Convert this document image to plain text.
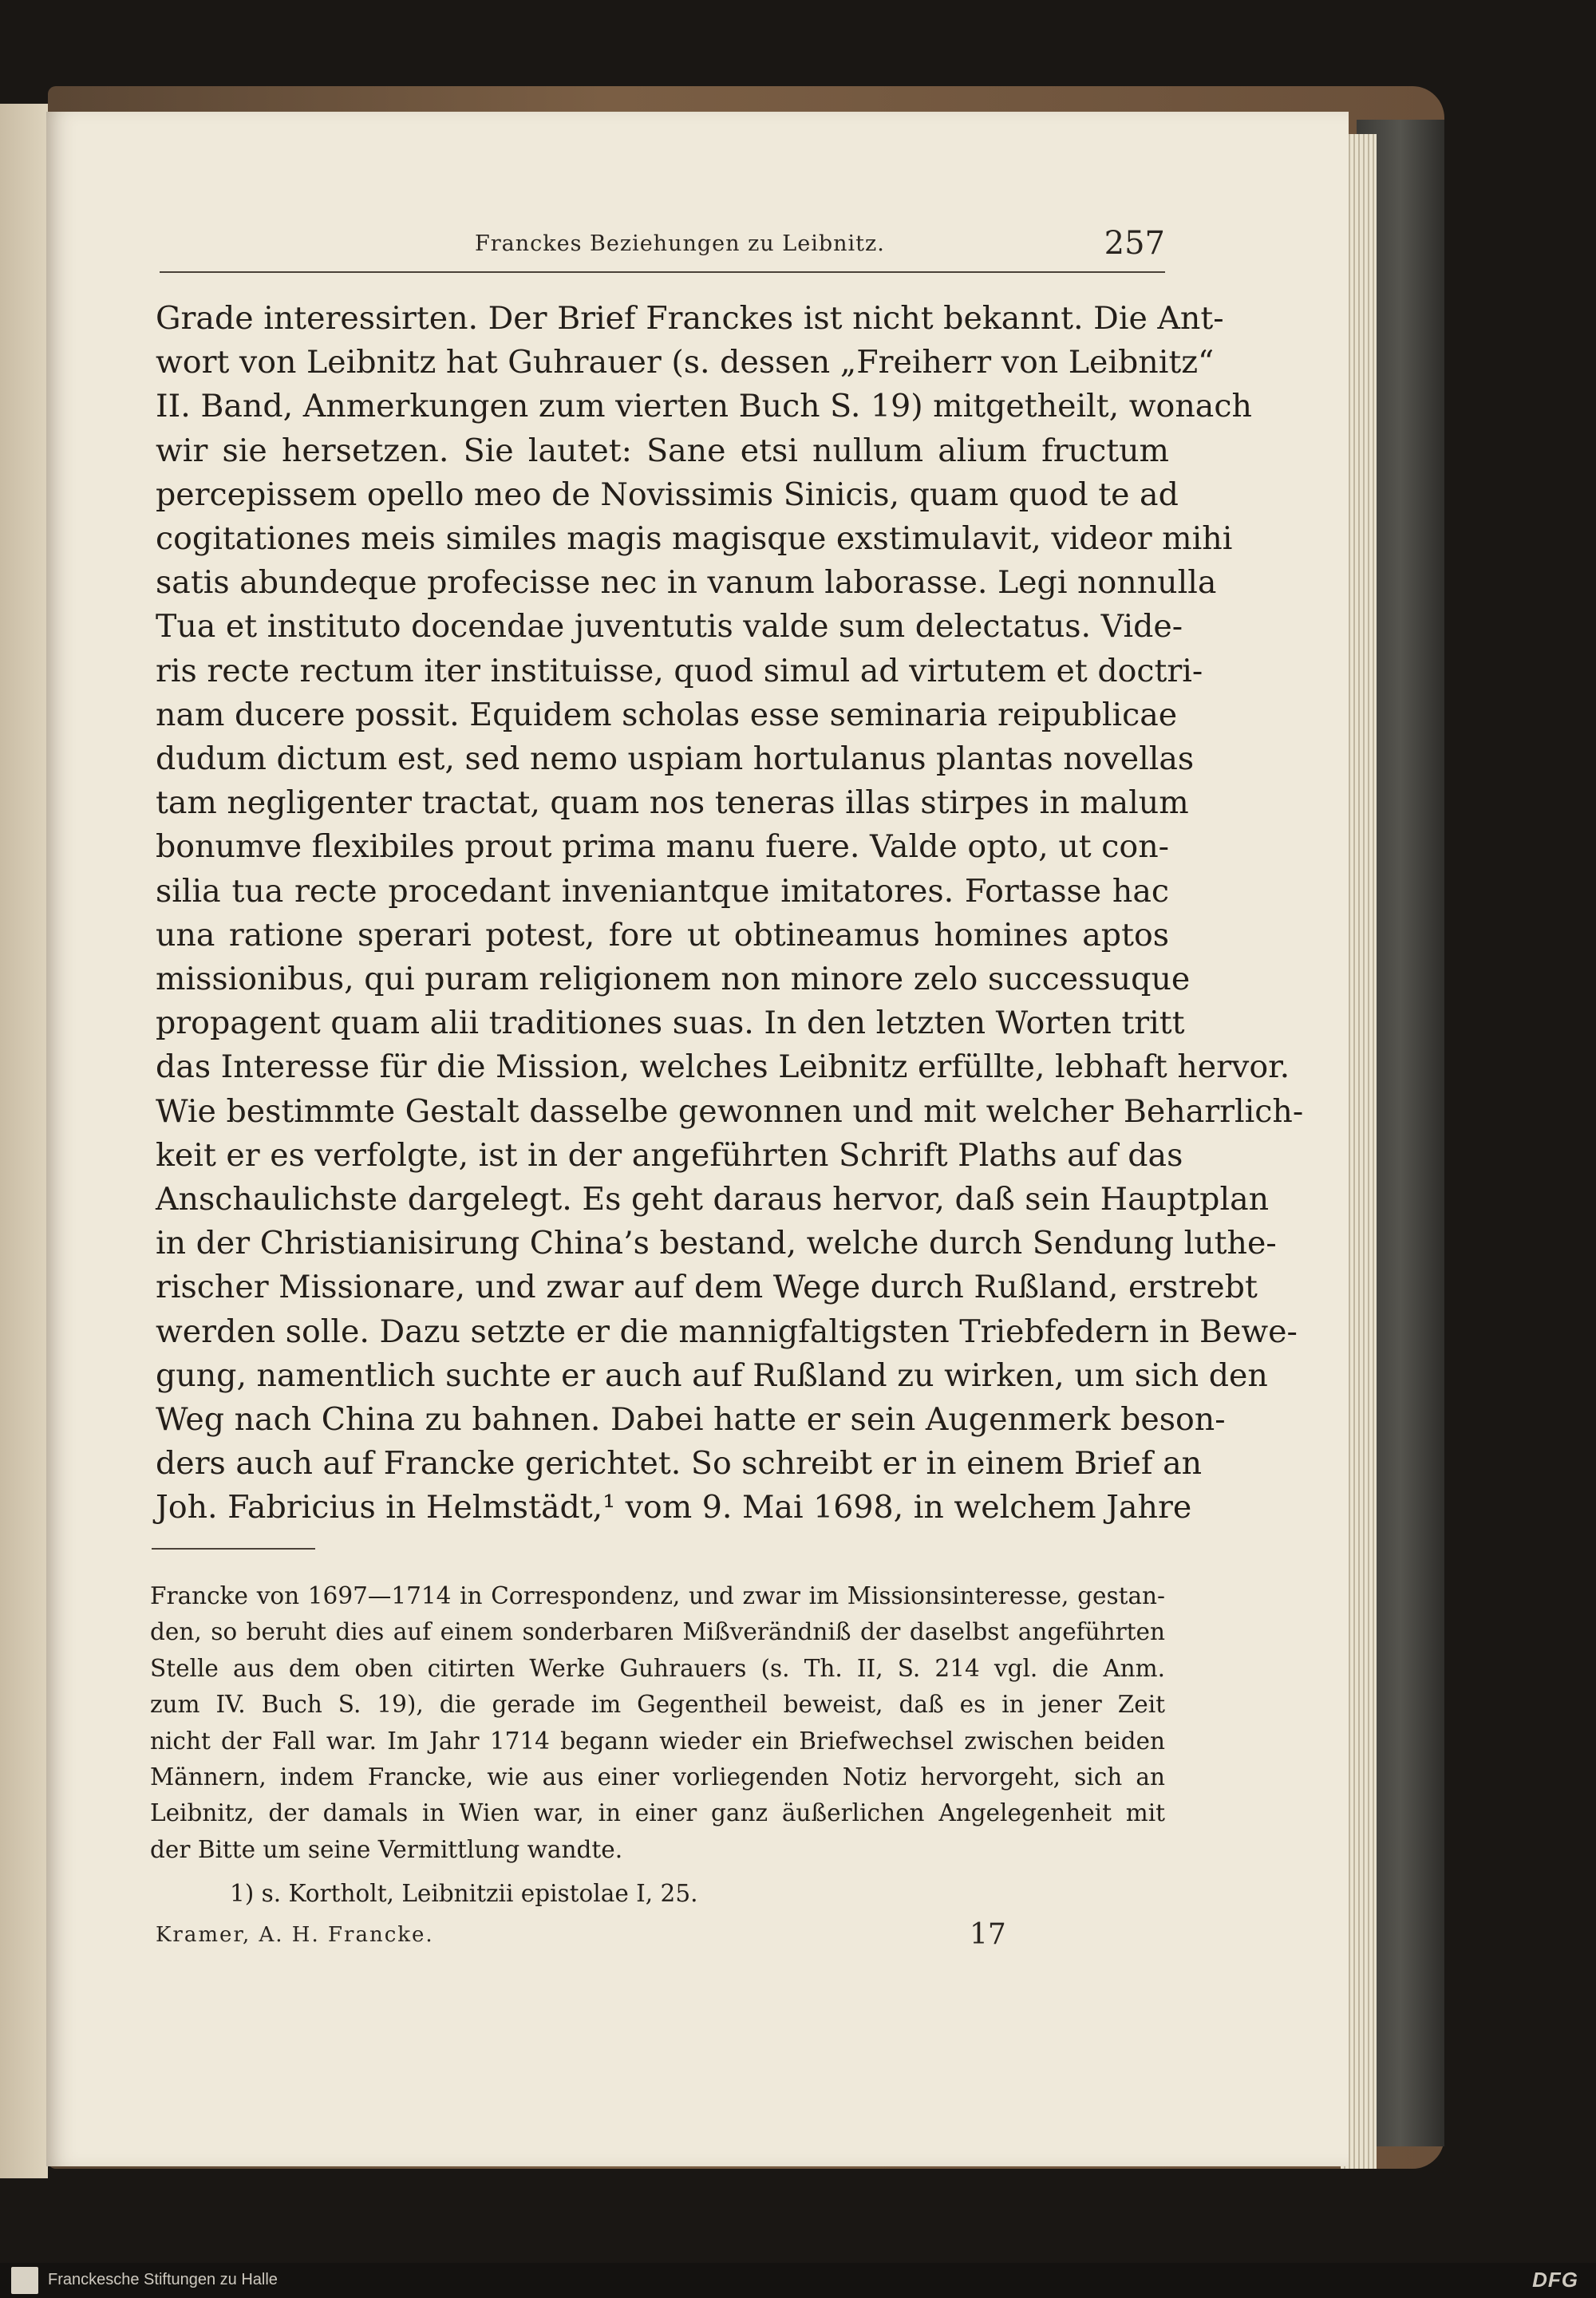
Franckes Beziehungen zu Leibnitz.	257
Grade interessirten. Der Brief Franckes ist nicht bekannt. Die Ant-
wort von Leibnitz hat Guhrauer (s. dessen „Freiherr von Leibnitz“
II. Band, Anmerkungen zum vierten Buch S. 19) mitgetheilt, wonach
wir sie hersetzen. Sie lautet: Sane etsi nullum alium fructum
percepissem opello meo de Novissimis Sinicis, quam quod te ad
cogitationes meis similes magis magisque exstimulavit, videor mihi
satis abundeque profecisse nec in vanum laborasse. Legi nonnulla
Tua et instituto docendae juventutis valde sum delectatus. Vide-
ris recte rectum iter instituisse, quod simul ad virtutem et doctri-
nam ducere possit. Equidem scholas esse seminaria reipublicae
dudum dictum est, sed nemo uspiam hortulanus plantas novellas
tam negligenter tractat, quam nos teneras illas stirpes in malum
bonumve flexibiles prout prima manu fuere. Valde opto, ut con-
silia tua recte procedant inveniantque imitatores. Fortasse hac
una ratione sperari potest, fore ut obtineamus homines aptos
missionibus, qui puram religionem non minore zelo successuque
propagent quam alii traditiones suas. In den letzten Worten tritt
das Interesse für die Mission, welches Leibnitz erfüllte, lebhaft hervor.
Wie bestimmte Gestalt dasselbe gewonnen und mit welcher Beharrlich-
keit er es verfolgte, ist in der angeführten Schrift Plaths auf das
Anschaulichste dargelegt. Es geht daraus hervor, daß sein Hauptplan
in der Christianisirung China’s bestand, welche durch Sendung luthe-
rischer Missionare, und zwar auf dem Wege durch Rußland, erstrebt
werden solle. Dazu setzte er die mannigfaltigsten Triebfedern in Bewe-
gung, namentlich suchte er auch auf Rußland zu wirken, um sich den
Weg nach China zu bahnen. Dabei hatte er sein Augenmerk beson-
ders auch auf Francke gerichtet. So schreibt er in einem Brief an
Joh. Fabricius in Helmstädt,¹ vom 9. Mai 1698, in welchem Jahre
Francke von 1697—1714 in Correspondenz, und zwar im Missionsinteresse, gestan-
den, so beruht dies auf einem sonderbaren Mißverändniß der daselbst angeführten
Stelle aus dem oben citirten Werke Guhrauers (s. Th. II, S. 214 vgl. die Anm.
zum IV. Buch S. 19), die gerade im Gegentheil beweist, daß es in jener Zeit
nicht der Fall war. Im Jahr 1714 begann wieder ein Briefwechsel zwischen beiden
Männern, indem Francke, wie aus einer vorliegenden Notiz hervorgeht, sich an
Leibnitz, der damals in Wien war, in einer ganz äußerlichen Angelegenheit mit
der Bitte um seine Vermittlung wandte.
1) s. Kortholt, Leibnitzii epistolae I, 25.
Kramer, A. H. Francke.	17
Franckesche Stiftungen zu Halle	DFG
